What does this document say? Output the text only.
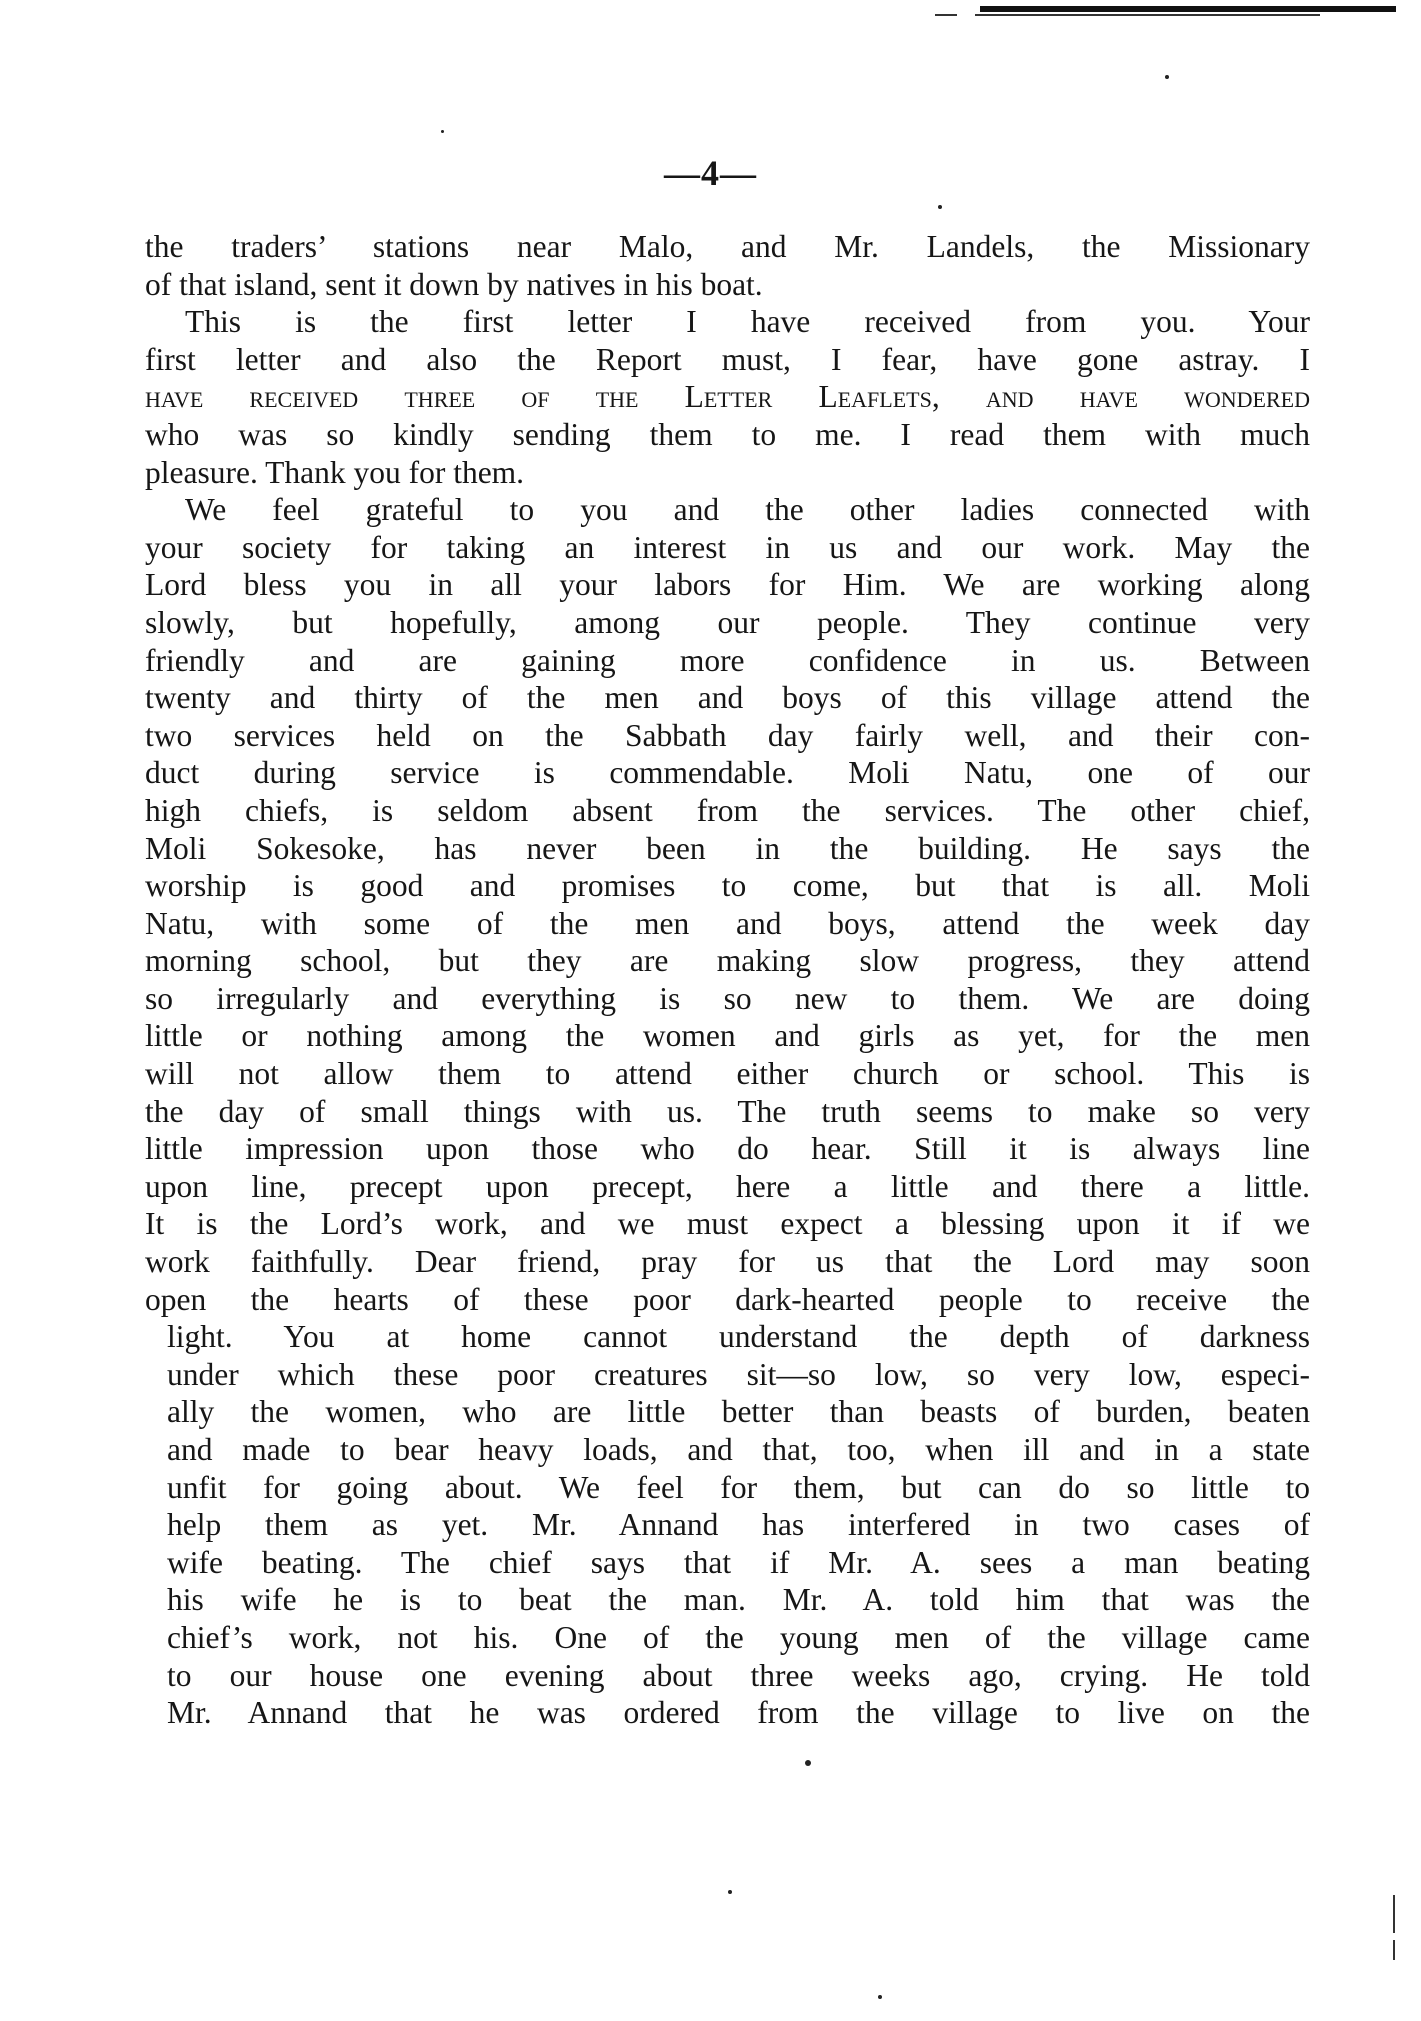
—4—
the traders’ stations near Malo, and Mr. Landels, the Missionary
of that island, sent it down by natives in his boat.
This is the first letter I have received from you. Your
first letter and also the Report must, I fear, have gone astray. I
have received three of the Letter Leaflets, and have wondered
who was so kindly sending them to me. I read them with much
pleasure. Thank you for them.
We feel grateful to you and the other ladies connected with
your society for taking an interest in us and our work. May the
Lord bless you in all your labors for Him. We are working along
slowly, but hopefully, among our people. They continue very
friendly and are gaining more confidence in us. Between
twenty and thirty of the men and boys of this village attend the
two services held on the Sabbath day fairly well, and their con-
duct during service is commendable. Moli Natu, one of our
high chiefs, is seldom absent from the services. The other chief,
Moli Sokesoke, has never been in the building. He says the
worship is good and promises to come, but that is all. Moli
Natu, with some of the men and boys, attend the week day
morning school, but they are making slow progress, they attend
so irregularly and everything is so new to them. We are doing
little or nothing among the women and girls as yet, for the men
will not allow them to attend either church or school. This is
the day of small things with us. The truth seems to make so very
little impression upon those who do hear. Still it is always line
upon line, precept upon precept, here a little and there a little.
It is the Lord’s work, and we must expect a blessing upon it if we
work faithfully. Dear friend, pray for us that the Lord may soon
open the hearts of these poor dark-hearted people to receive the
light. You at home cannot understand the depth of darkness
under which these poor creatures sit—so low, so very low, especi-
ally the women, who are little better than beasts of burden, beaten
and made to bear heavy loads, and that, too, when ill and in a state
unfit for going about. We feel for them, but can do so little to
help them as yet. Mr. Annand has interfered in two cases of
wife beating. The chief says that if Mr. A. sees a man beating
his wife he is to beat the man. Mr. A. told him that was the
chief’s work, not his. One of the young men of the village came
to our house one evening about three weeks ago, crying. He told
Mr. Annand that he was ordered from the village to live on the
